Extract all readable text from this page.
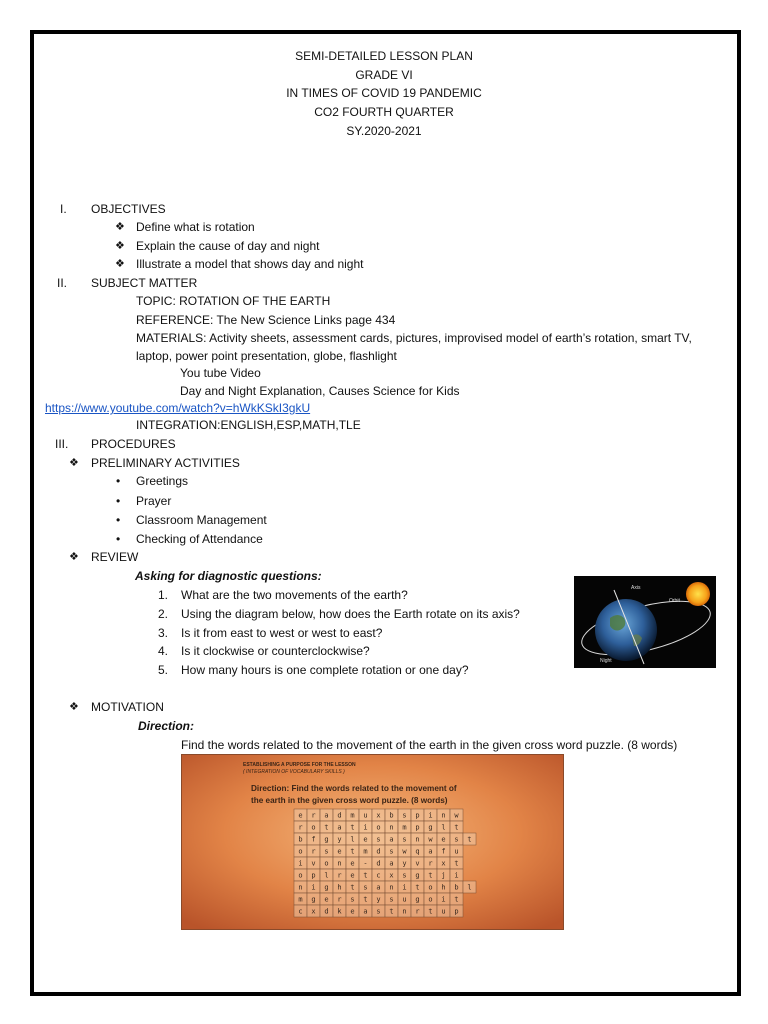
SEMI-DETAILED LESSON PLAN
GRADE VI
IN TIMES OF COVID 19 PANDEMIC
CO2 FOURTH QUARTER
SY.2020-2021
I. OBJECTIVES
❖ Define what is rotation
❖ Explain the cause of day and night
❖ Illustrate a model that shows day and night
II. SUBJECT MATTER
TOPIC: ROTATION OF THE EARTH
REFERENCE: The New Science Links page 434
MATERIALS: Activity sheets, assessment cards, pictures, improvised model of earth’s rotation, smart TV,
laptop, power point presentation, globe, flashlight
You tube Video
Day and Night Explanation, Causes Science for Kids
https://www.youtube.com/watch?v=hWkKSkI3gkU
INTEGRATION:ENGLISH,ESP,MATH,TLE
III. PROCEDURES
❖ PRELIMINARY ACTIVITIES
• Greetings
• Prayer
• Classroom Management
• Checking of Attendance
❖ REVIEW
Asking for diagnostic questions:
1. What are the two movements of the earth?
2. Using the diagram below, how does the Earth rotate on its axis?
3. Is it from east to west or west to east?
4. Is it clockwise or counterclockwise?
5. How many hours is one complete rotation or one day?
Axis
Orbit
Night
❖ MOTIVATION
Direction:
Find the words related to the movement of the earth in the given cross word puzzle. (8 words)
ESTABLISHING A PURPOSE FOR THE LESSON
( INTEGRATION OF VOCABULARY SKILLS )
Direction: Find the words related to the movement of
the earth in the given cross word puzzle. (8 words)
e r a d m u x b s p i n w
r o t a t i o n m p g l t
b f g y l e s a s n w e s t
o r s e t m d s w q a f u
i v o n e - d a y v r x t
o p l r e t c x s g t j i
n i g h t s a n i t o h b l
m g e r s t y s u g o i t
c x d k e a s t n r t u p
